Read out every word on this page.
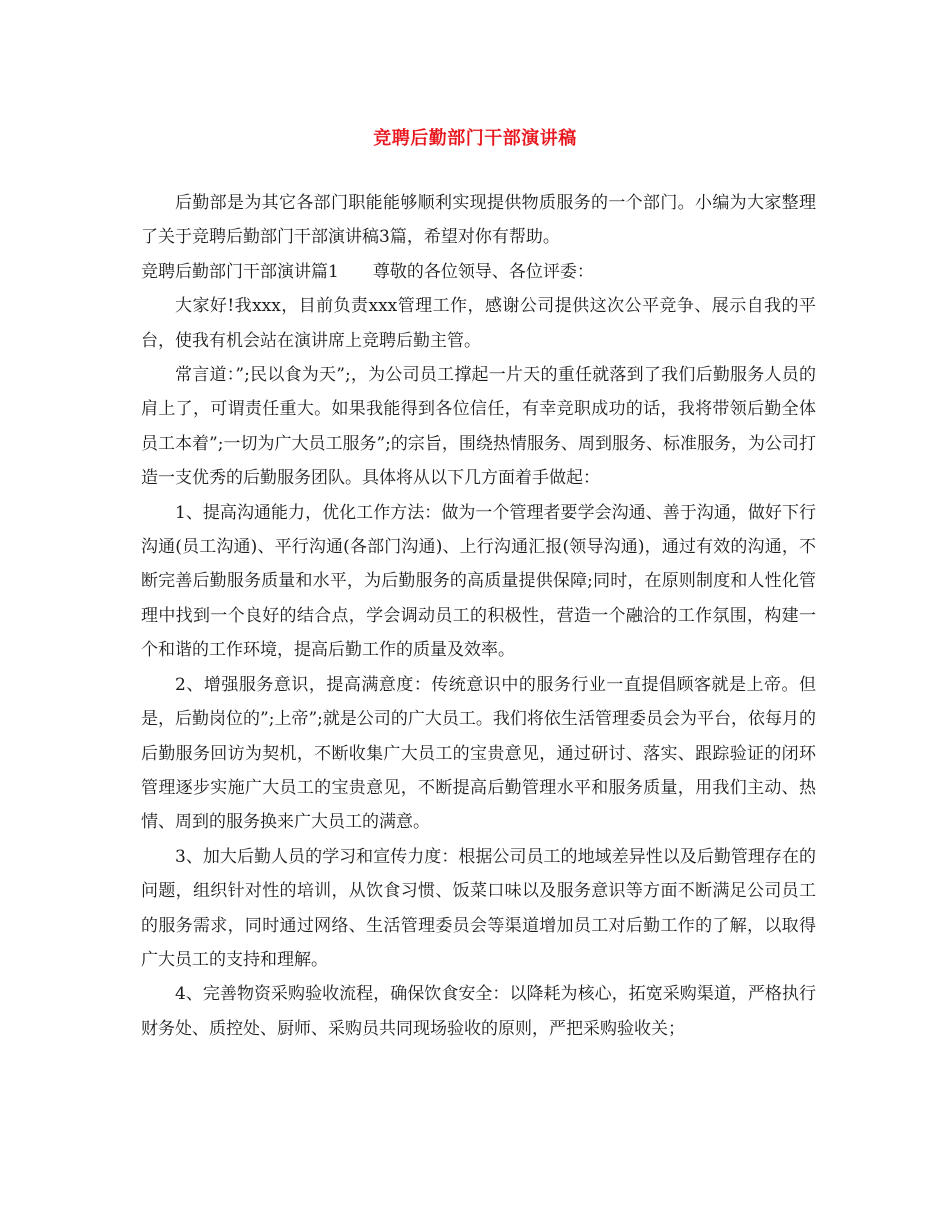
竞聘后勤部门干部演讲稿

后勤部是为其它各部门职能能够顺利实现提供物质服务的一个部门。小编为大家整理了关于竞聘后勤部门干部演讲稿3篇，希望对你有帮助。

竞聘后勤部门干部演讲篇1　　尊敬的各位领导、各位评委：

大家好!我xxx，目前负责xxx管理工作，感谢公司提供这次公平竞争、展示自我的平台，使我有机会站在演讲席上竞聘后勤主管。

常言道：”;民以食为天”;，为公司员工撑起一片天的重任就落到了我们后勤服务人员的肩上了，可谓责任重大。如果我能得到各位信任，有幸竞职成功的话，我将带领后勤全体员工本着”;一切为广大员工服务”;的宗旨，围绕热情服务、周到服务、标准服务，为公司打造一支优秀的后勤服务团队。具体将从以下几方面着手做起：

1、提高沟通能力，优化工作方法：做为一个管理者要学会沟通、善于沟通，做好下行沟通(员工沟通)、平行沟通(各部门沟通)、上行沟通汇报(领导沟通)，通过有效的沟通，不断完善后勤服务质量和水平，为后勤服务的高质量提供保障;同时，在原则制度和人性化管理中找到一个良好的结合点，学会调动员工的积极性，营造一个融洽的工作氛围，构建一个和谐的工作环境，提高后勤工作的质量及效率。

2、增强服务意识，提高满意度：传统意识中的服务行业一直提倡顾客就是上帝。但是，后勤岗位的”;上帝”;就是公司的广大员工。我们将依生活管理委员会为平台，依每月的后勤服务回访为契机，不断收集广大员工的宝贵意见，通过研讨、落实、跟踪验证的闭环管理逐步实施广大员工的宝贵意见，不断提高后勤管理水平和服务质量，用我们主动、热情、周到的服务换来广大员工的满意。

3、加大后勤人员的学习和宣传力度：根据公司员工的地域差异性以及后勤管理存在的问题，组织针对性的培训，从饮食习惯、饭菜口味以及服务意识等方面不断满足公司员工的服务需求，同时通过网络、生活管理委员会等渠道增加员工对后勤工作的了解，以取得广大员工的支持和理解。

4、完善物资采购验收流程，确保饮食安全：以降耗为核心，拓宽采购渠道，严格执行财务处、质控处、厨师、采购员共同现场验收的原则，严把采购验收关；
